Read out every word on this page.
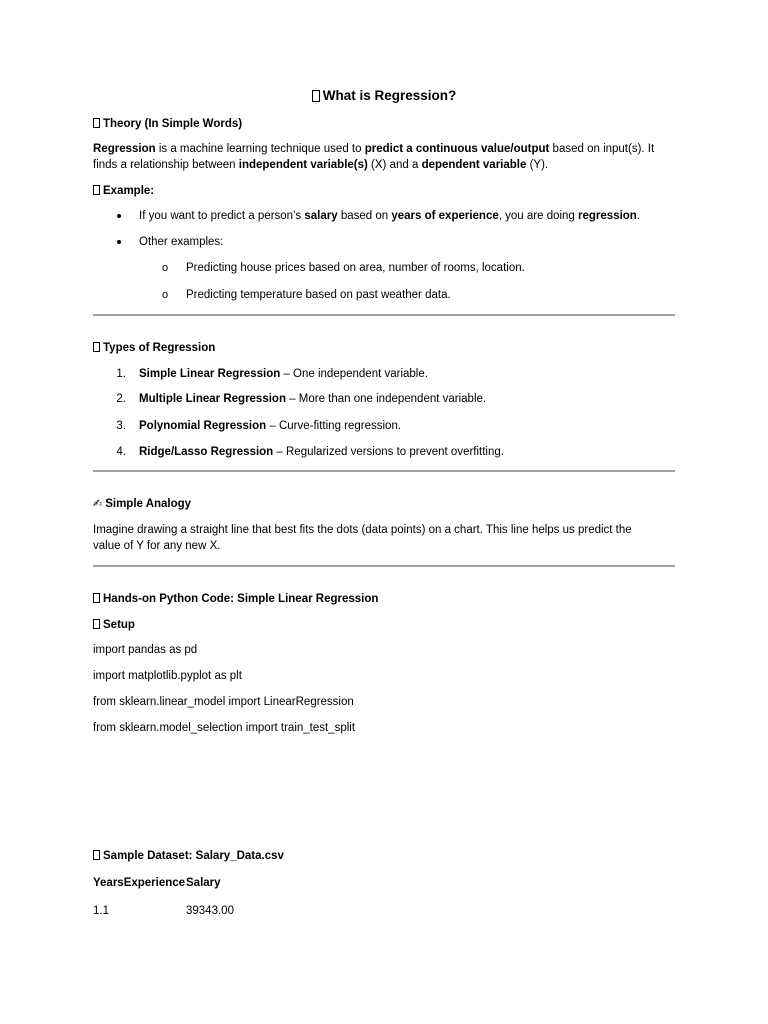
What is Regression?
Theory (In Simple Words)
Regression is a machine learning technique used to predict a continuous value/output based on input(s). It
finds a relationship between independent variable(s) (X) and a dependent variable (Y).
Example:
If you want to predict a person’s salary based on years of experience, you are doing regression.
Other examples:
o Predicting house prices based on area, number of rooms, location.
o Predicting temperature based on past weather data.
Types of Regression
1. Simple Linear Regression – One independent variable.
2. Multiple Linear Regression – More than one independent variable.
3. Polynomial Regression – Curve-fitting regression.
4. Ridge/Lasso Regression – Regularized versions to prevent overfitting.
✍ Simple Analogy
Imagine drawing a straight line that best fits the dots (data points) on a chart. This line helps us predict the
value of Y for any new X.
Hands-on Python Code: Simple Linear Regression
Setup
import pandas as pd
import matplotlib.pyplot as plt
from sklearn.linear_model import LinearRegression
from sklearn.model_selection import train_test_split
Sample Dataset: Salary_Data.csv
YearsExperience Salary
1.1	39343.00
